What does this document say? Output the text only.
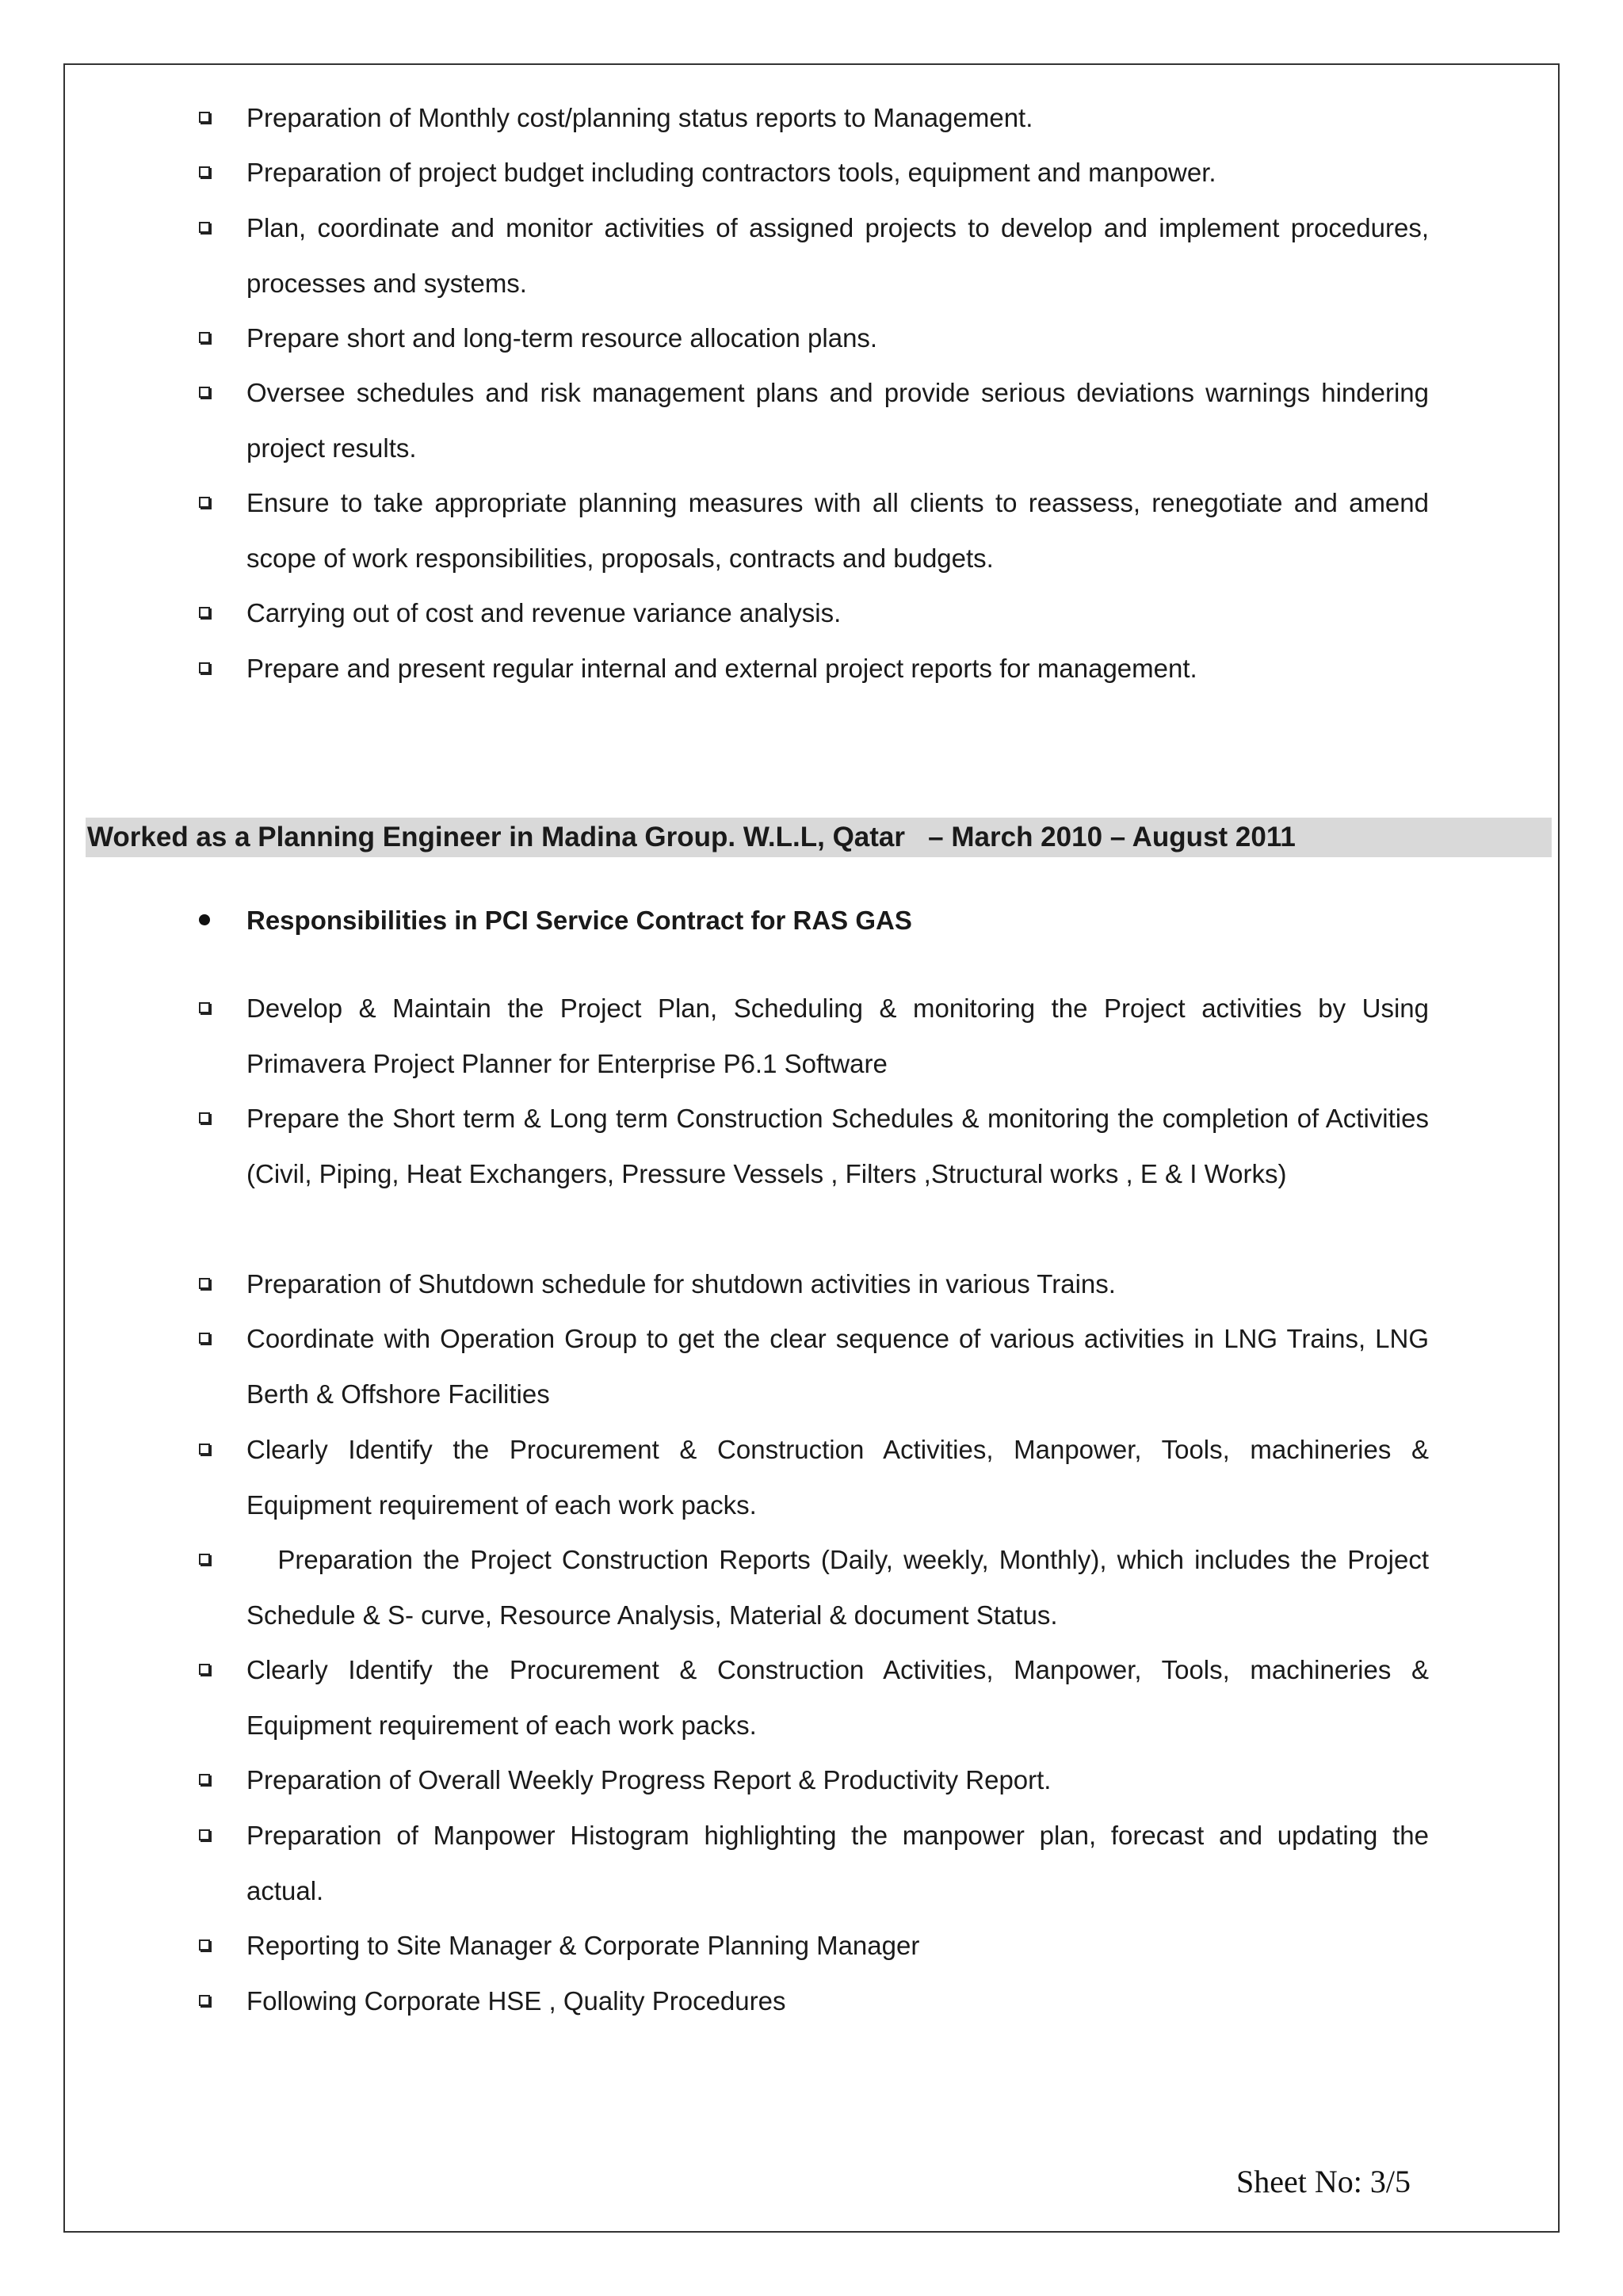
Preparation of Monthly cost/planning status reports to Management.

Preparation of project budget including contractors tools, equipment and manpower.

Plan, coordinate and monitor activities of assigned projects to develop and implement procedures, processes and systems.

Prepare short and long-term resource allocation plans.

Oversee schedules and risk management plans and provide serious deviations warnings hindering project results.

Ensure to take appropriate planning measures with all clients to reassess, renegotiate and amend scope of work responsibilities, proposals, contracts and budgets.

Carrying out of cost and revenue variance analysis.

Prepare and present regular internal and external project reports for management.

Worked as a Planning Engineer in Madina Group. W.L.L, Qatar   – March 2010 – August 2011
Responsibilities in PCI Service Contract for RAS GAS

Develop & Maintain the Project Plan, Scheduling & monitoring the Project activities by Using Primavera Project Planner for Enterprise P6.1 Software

Prepare the Short term & Long term Construction Schedules & monitoring the completion of Activities (Civil, Piping, Heat Exchangers, Pressure Vessels , Filters ,Structural works , E & I Works)

Preparation of Shutdown schedule for shutdown activities in various Trains.

Coordinate with Operation Group to get the clear sequence of various activities in LNG Trains, LNG Berth & Offshore Facilities

Clearly Identify the Procurement & Construction Activities, Manpower, Tools, machineries & Equipment requirement of each work packs.

Preparation the Project Construction Reports (Daily, weekly, Monthly), which includes the Project Schedule & S- curve, Resource Analysis, Material & document Status.

Clearly Identify the Procurement & Construction Activities, Manpower, Tools, machineries & Equipment requirement of each work packs.

Preparation of Overall Weekly Progress Report & Productivity Report.

Preparation of Manpower Histogram highlighting the manpower plan, forecast and updating the actual.

Reporting to Site Manager & Corporate Planning Manager

Following Corporate HSE , Quality Procedures

Sheet No: 3/5
